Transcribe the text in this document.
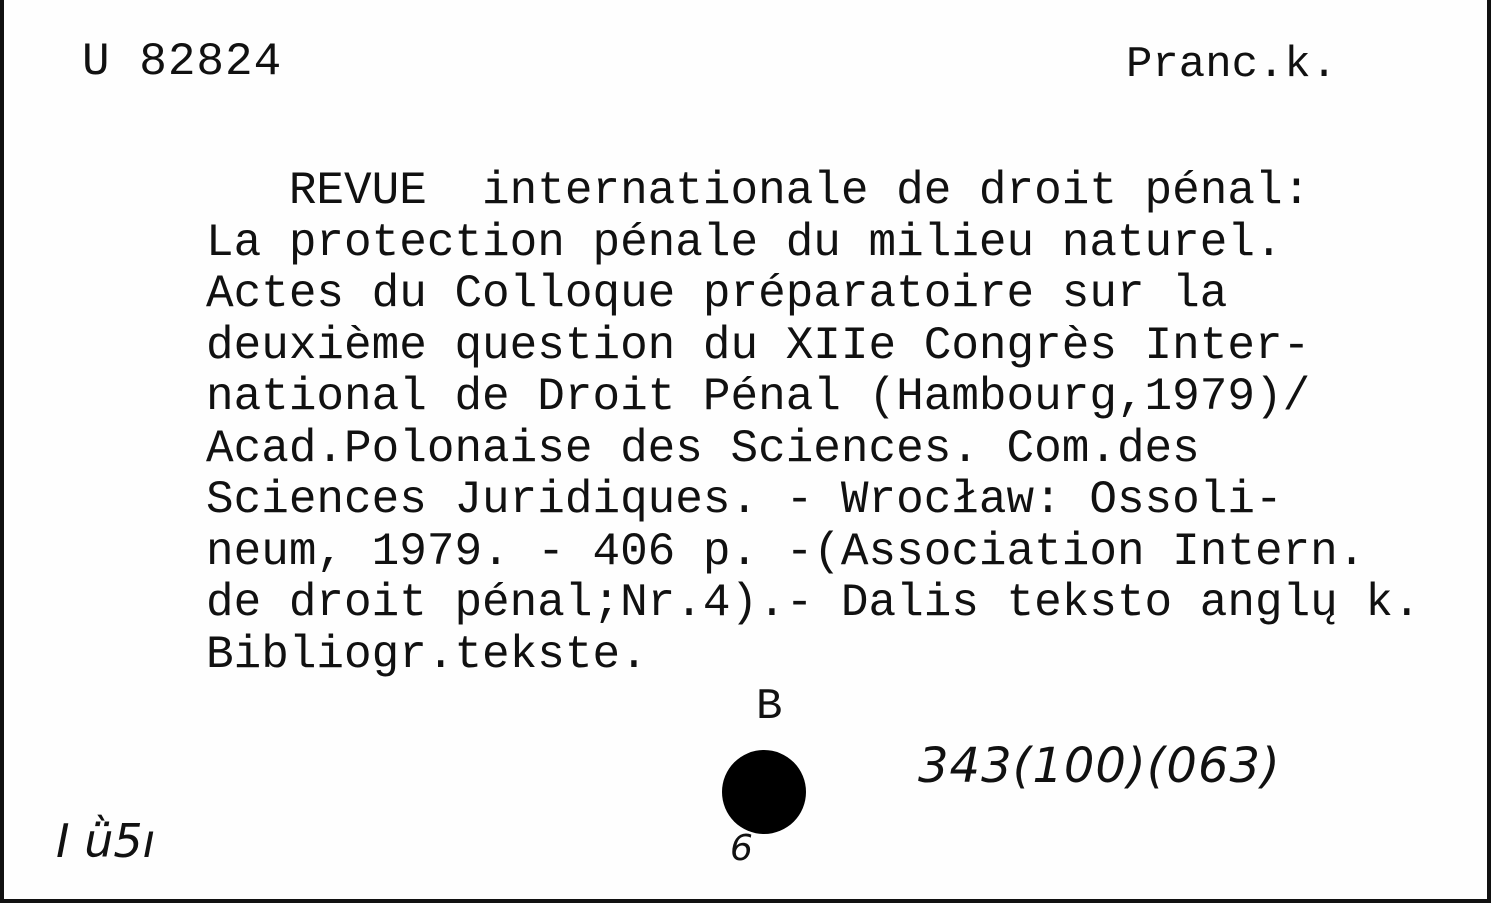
U 82824	Pranc.k.
REVUE  internationale de droit pénal:
La protection pénale du milieu naturel.
Actes du Colloque préparatoire sur la
deuxième question du XIIe Congrès Inter-
national de Droit Pénal (Hambourg,1979)/
Acad.Polonaise des Sciences. Com.des
Sciences Juridiques. - Wrocław: Ossoli-
neum, 1979. - 406 p. -(Association Intern.
de droit pénal;Nr.4).- Dalis teksto anglų k.
Bibliogr.tekste.
B
343(100)(063)
I ǜ5ı	6
